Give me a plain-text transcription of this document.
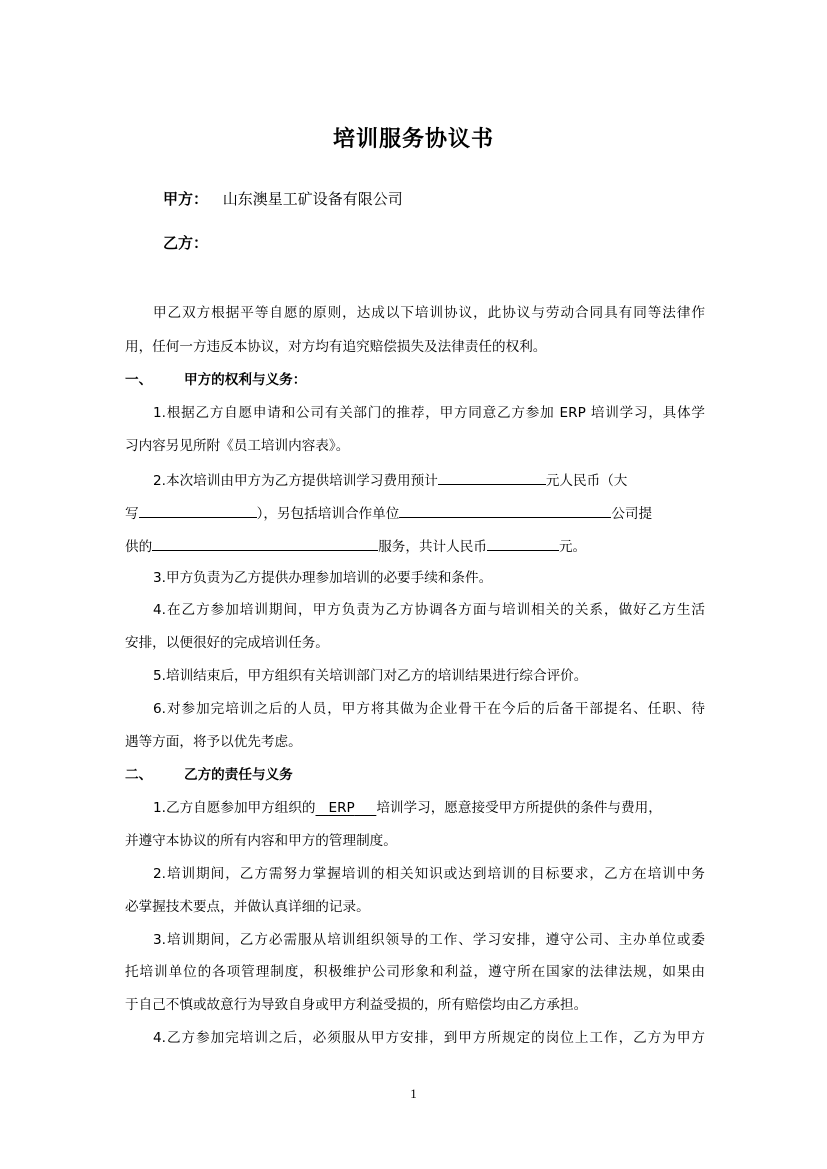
培训服务协议书
甲方： 山东澳星工矿设备有限公司
乙方：
甲乙双方根据平等自愿的原则，达成以下培训协议，此协议与劳动合同具有同等法律作
用，任何一方违反本协议，对方均有追究赔偿损失及法律责任的权利。
一、 甲方的权利与义务：
1.根据乙方自愿申请和公司有关部门的推荐，甲方同意乙方参加 ERP 培训学习，具体学
习内容另见所附《员工培训内容表》。
2.本次培训由甲方为乙方提供培训学习费用预计	元人民币（大
写	），另包括培训合作单位	公司提
供的	服务，共计人民币	元。
3.甲方负责为乙方提供办理参加培训的必要手续和条件。
4.在乙方参加培训期间，甲方负责为乙方协调各方面与培训相关的关系，做好乙方生活
安排，以便很好的完成培训任务。
5.培训结束后，甲方组织有关培训部门对乙方的培训结果进行综合评价。
6.对参加完培训之后的人员，甲方将其做为企业骨干在今后的后备干部提名、任职、待
遇等方面，将予以优先考虑。
二、 乙方的责任与义务
1.乙方自愿参加甲方组织的 ERP 培训学习，愿意接受甲方所提供的条件与费用，
并遵守本协议的所有内容和甲方的管理制度。
2.培训期间，乙方需努力掌握培训的相关知识或达到培训的目标要求，乙方在培训中务
必掌握技术要点，并做认真详细的记录。
3.培训期间，乙方必需服从培训组织领导的工作、学习安排，遵守公司、主办单位或委
托培训单位的各项管理制度，积极维护公司形象和利益，遵守所在国家的法律法规，如果由
于自己不慎或故意行为导致自身或甲方利益受损的，所有赔偿均由乙方承担。
4.乙方参加完培训之后，必须服从甲方安排，到甲方所规定的岗位上工作，乙方为甲方
1
